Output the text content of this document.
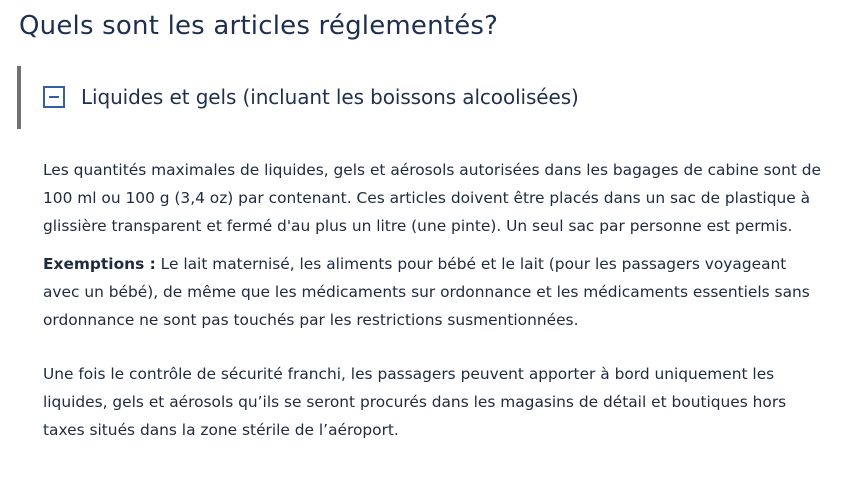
Quels sont les articles réglementés?
Liquides et gels (incluant les boissons alcoolisées)

Les quantités maximales de liquides, gels et aérosols autorisées dans les bagages de cabine sont de 100 ml ou 100 g (3,4 oz) par contenant. Ces articles doivent être placés dans un sac de plastique à glissière transparent et fermé d'au plus un litre (une pinte). Un seul sac par personne est permis.

Exemptions : Le lait maternisé, les aliments pour bébé et le lait (pour les passagers voyageant avec un bébé), de même que les médicaments sur ordonnance et les médicaments essentiels sans ordonnance ne sont pas touchés par les restrictions susmentionnées.

Une fois le contrôle de sécurité franchi, les passagers peuvent apporter à bord uniquement les liquides, gels et aérosols qu’ils se seront procurés dans les magasins de détail et boutiques hors taxes situés dans la zone stérile de l’aéroport.
